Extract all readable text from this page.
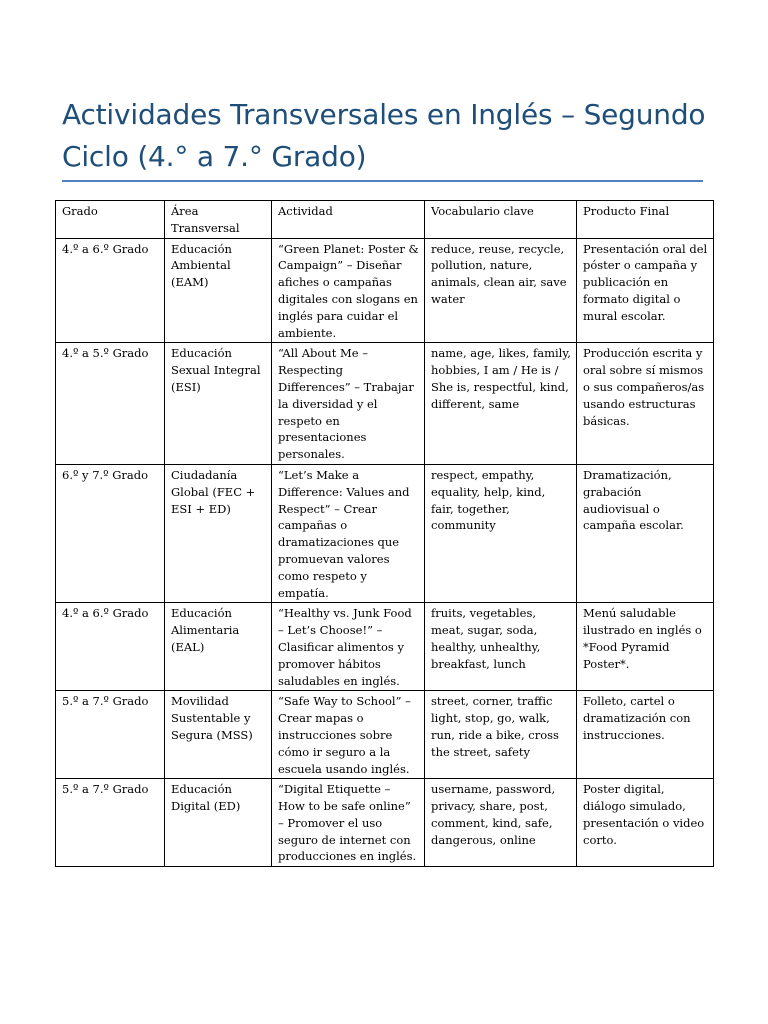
Actividades Transversales en Inglés – Segundo Ciclo (4.° a 7.° Grado)
Grado	Área Transversal	Actividad	Vocabulario clave	Producto Final
4.º a 6.º Grado	Educación Ambiental (EAM)	“Green Planet: Poster & Campaign” – Diseñar afiches o campañas digitales con slogans en inglés para cuidar el ambiente.	reduce, reuse, recycle, pollution, nature, animals, clean air, save water	Presentación oral del póster o campaña y publicación en formato digital o mural escolar.
4.º a 5.º Grado	Educación Sexual Integral (ESI)	“All About Me – Respecting Differences” – Trabajar la diversidad y el respeto en presentaciones personales.	name, age, likes, family, hobbies, I am / He is / She is, respectful, kind, different, same	Producción escrita y oral sobre sí mismos o sus compañeros/as usando estructuras básicas.
6.º y 7.º Grado	Ciudadanía Global (FEC + ESI + ED)	“Let’s Make a Difference: Values and Respect” – Crear campañas o dramatizaciones que promuevan valores como respeto y empatía.	respect, empathy, equality, help, kind, fair, together, community	Dramatización, grabación audiovisual o campaña escolar.
4.º a 6.º Grado	Educación Alimentaria (EAL)	“Healthy vs. Junk Food – Let’s Choose!” – Clasificar alimentos y promover hábitos saludables en inglés.	fruits, vegetables, meat, sugar, soda, healthy, unhealthy, breakfast, lunch	Menú saludable ilustrado en inglés o *Food Pyramid Poster*.
5.º a 7.º Grado	Movilidad Sustentable y Segura (MSS)	“Safe Way to School” – Crear mapas o instrucciones sobre cómo ir seguro a la escuela usando inglés.	street, corner, traffic light, stop, go, walk, run, ride a bike, cross the street, safety	Folleto, cartel o dramatización con instrucciones.
5.º a 7.º Grado	Educación Digital (ED)	“Digital Etiquette – How to be safe online” – Promover el uso seguro de internet con producciones en inglés.	username, password, privacy, share, post, comment, kind, safe, dangerous, online	Poster digital, diálogo simulado, presentación o video corto.
